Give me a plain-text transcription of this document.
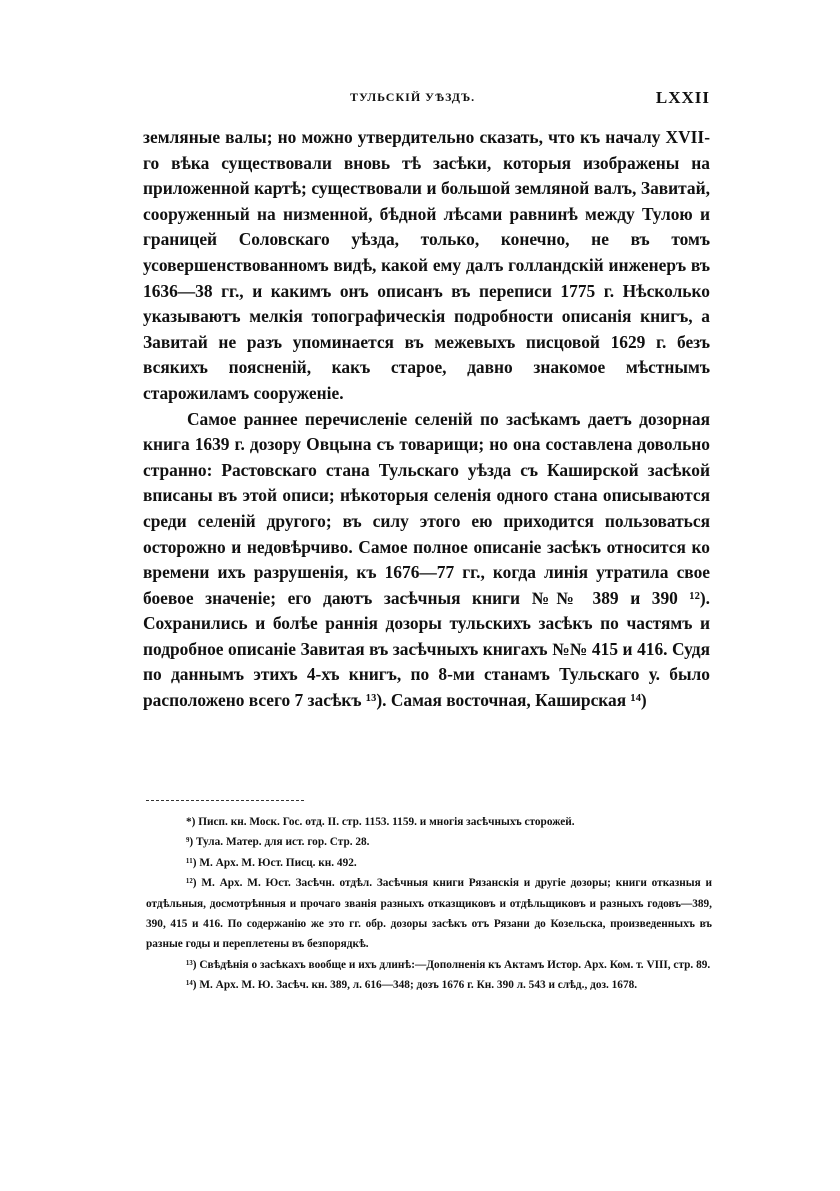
ТУЛЬСКІЙ УѢЗДЪ.	LXXII

земляные валы; но можно утвердительно сказать, что къ началу XVII-го вѣка существовали вновь тѣ засѣки, которыя изображены на приложенной картѣ; существовали и большой земляной валъ, Завитай, сооруженный на низменной, бѣдной лѣсами равнинѣ между Тулою и границей Соловскаго уѣзда, только, конечно, не въ томъ усовершенствованномъ видѣ, какой ему далъ голландскій инженеръ въ 1636—38 гг., и какимъ онъ описанъ въ переписи 1775 г. Нѣсколько указываютъ мелкія топографическія подробности описанія книгъ, а Завитай не разъ упоминается въ межевыхъ писцовой 1629 г. безъ всякихъ поясненій, какъ старое, давно знакомое мѣстнымъ старожиламъ сооруженіе.

Самое раннее перечисленіе селеній по засѣкамъ даетъ дозорная книга 1639 г. дозору Овцына съ товарищи; но она составлена довольно странно: Растовскаго стана Тульскаго уѣзда съ Каширской засѣкой вписаны въ этой описи; нѣкоторыя селенія одного стана описываются среди селеній другого; въ силу этого ею приходится пользоваться осторожно и недовѣрчиво. Самое полное описаніе засѣкъ относится ко времени ихъ разрушенія, къ 1676—77 гг., когда линія утратила свое боевое значеніе; его даютъ засѣчныя книги №№ 389 и 390 ¹²). Сохранились и болѣе раннія дозоры тульскихъ засѣкъ по частямъ и подробное описаніе Завитая въ засѣчныхъ книгахъ №№ 415 и 416. Судя по даннымъ этихъ 4-хъ книгъ, по 8-ми станамъ Тульскаго у. было расположено всего 7 засѣкъ ¹³). Самая восточная, Каширская ¹⁴)

*) Писп. кн. Моск. Гос. отд. II. стр. 1153. 1159. и многія засѣчныхъ сторожей.

⁹) Тула. Матер. для ист. гор. Стр. 28.

¹¹) М. Арх. М. Юст. Писц. кн. 492.

¹²) М. Арх. М. Юст. Засѣчн. отдѣл. Засѣчныя книги Рязанскія и другіе дозоры; книги отказныя и отдѣльныя, досмотрѣнныя и прочаго званія разныхъ отказщиковъ и отдѣльщиковъ и разныхъ годовъ—389, 390, 415 и 416. По содержанію же это гг. обр. дозоры засѣкъ отъ Рязани до Козельска, произведенныхъ въ разные годы и переплетены въ безпорядкѣ.

¹³) Свѣдѣнія о засѣкахъ вообще и ихъ длинѣ:—Дополненія къ Актамъ Истор. Арх. Ком. т. VIII, стр. 89.

¹⁴) М. Арх. М. Ю. Засѣч. кн. 389, л. 616—348; дозъ 1676 г. Кн. 390 л. 543 и слѣд., доз. 1678.
